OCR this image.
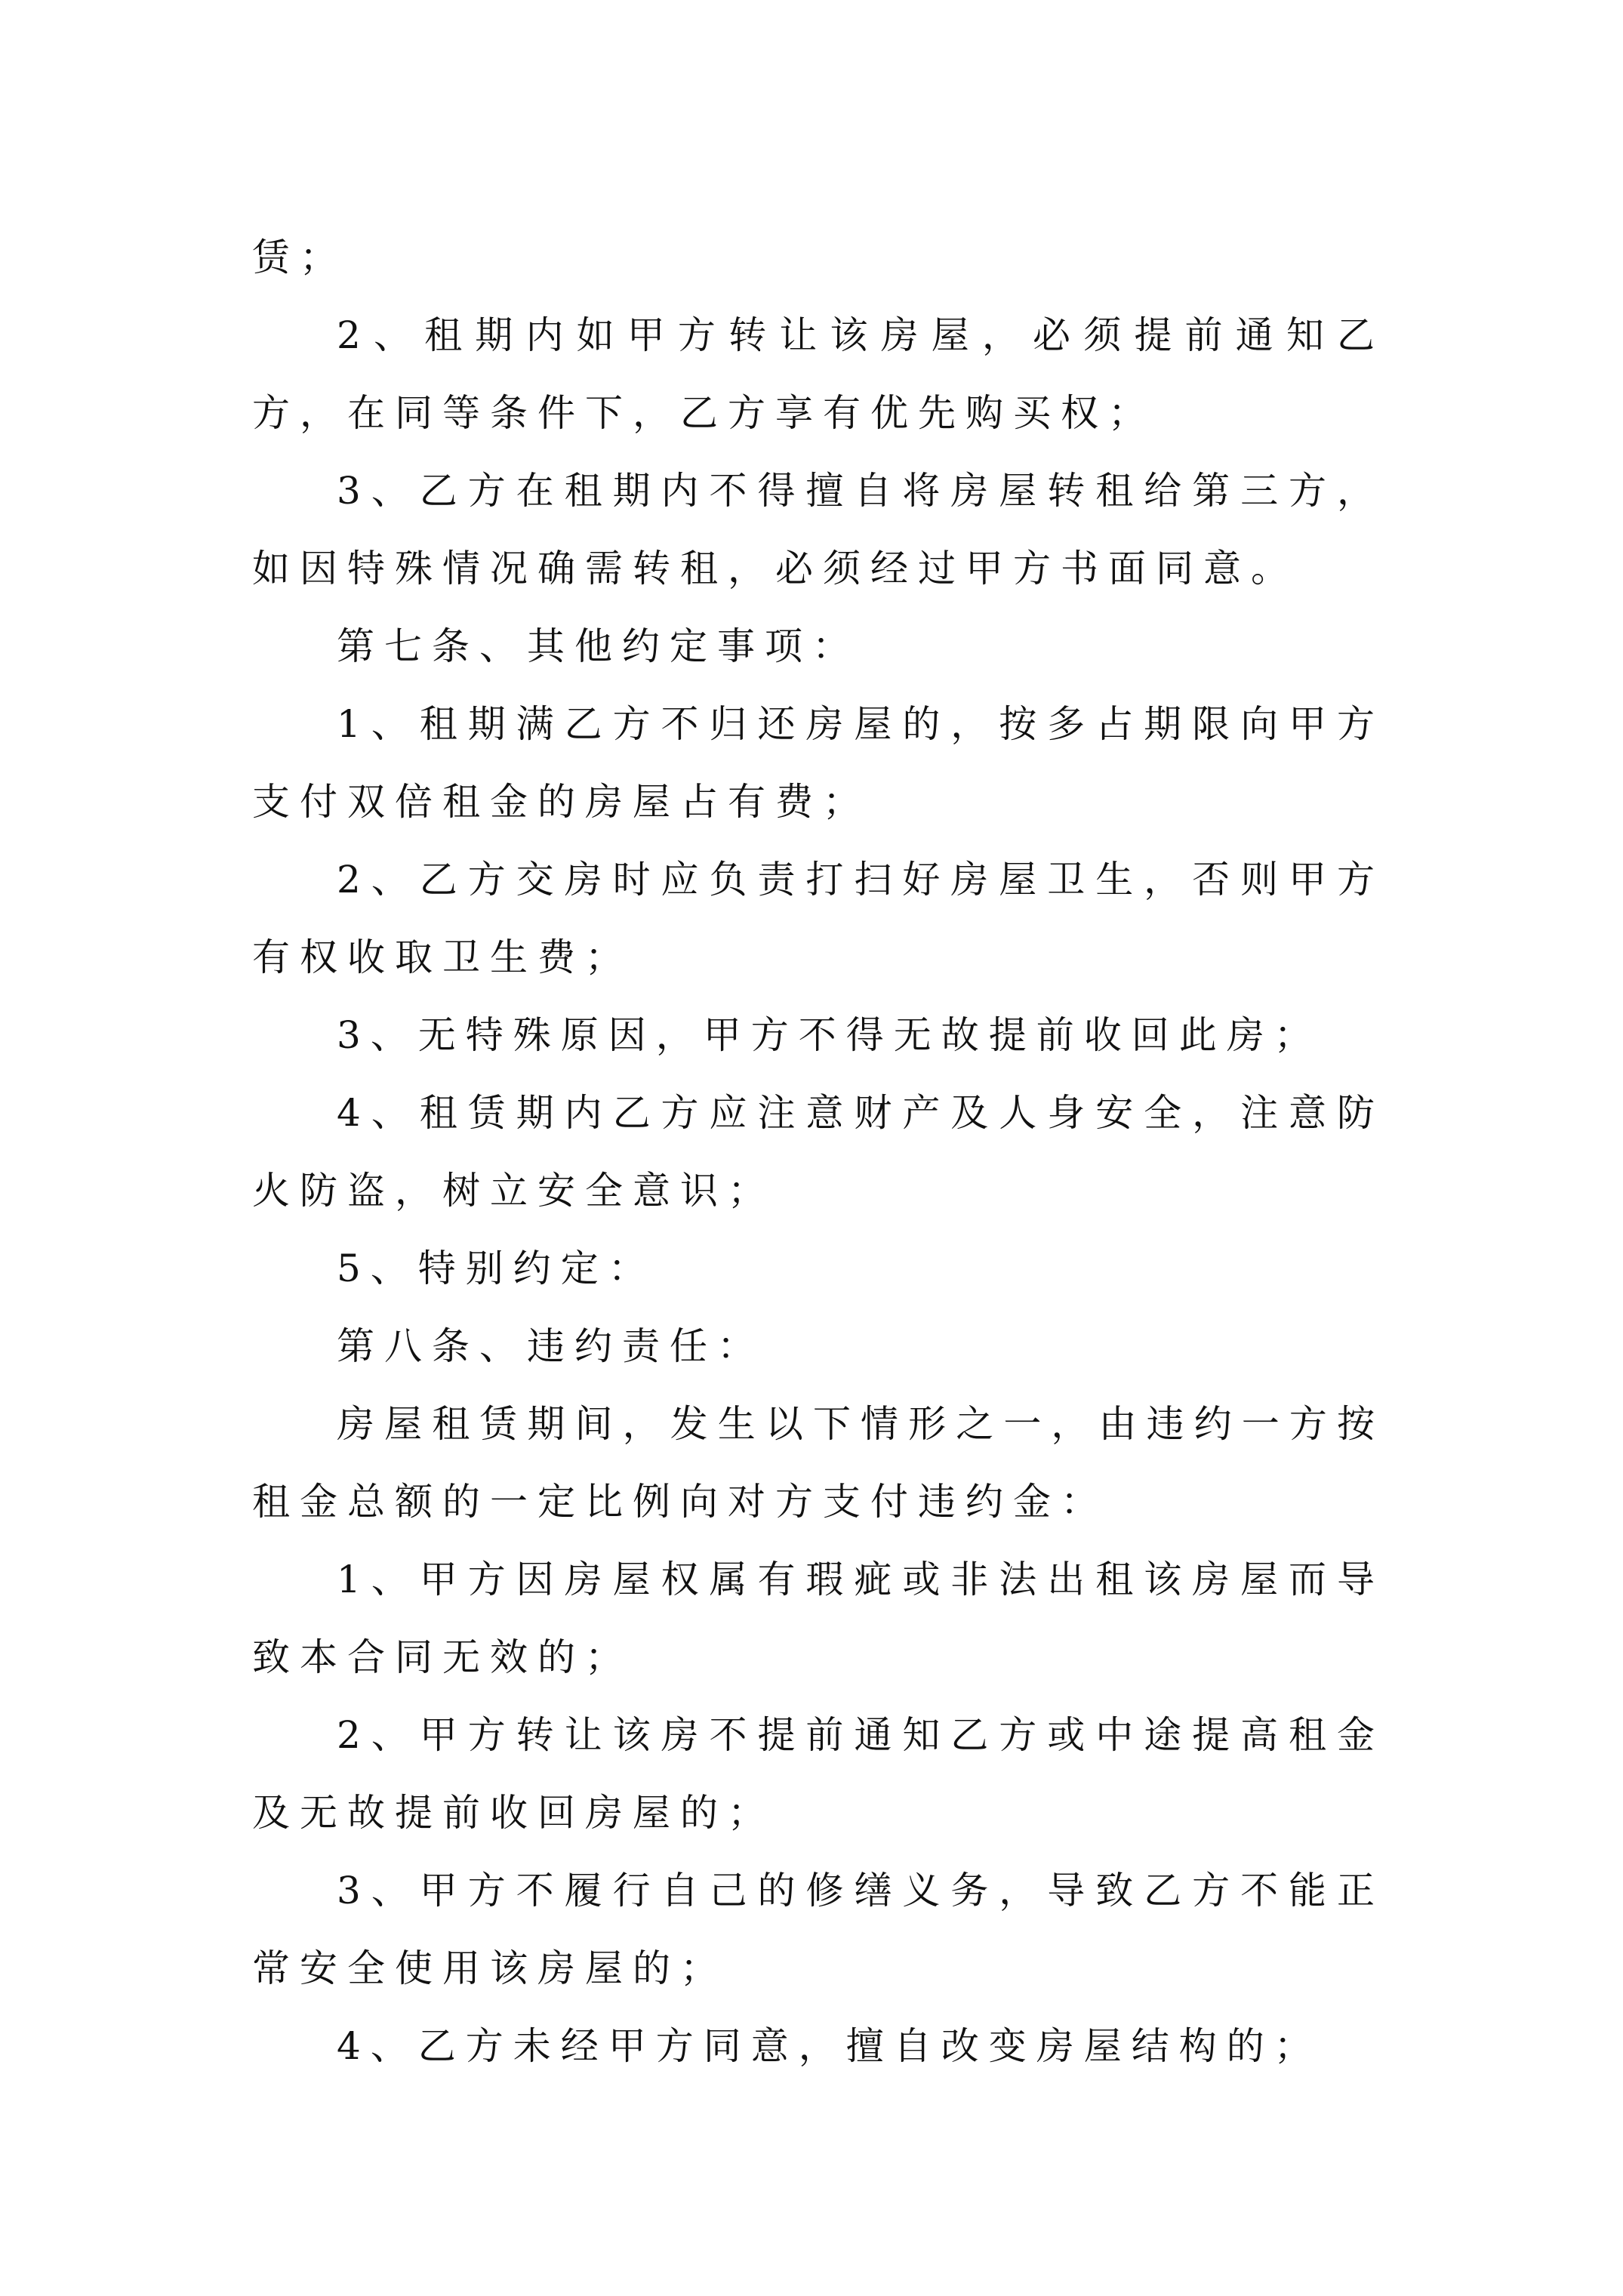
赁；

2、租期内如甲方转让该房屋，必须提前通知乙方，在同等条件下，乙方享有优先购买权；

3、乙方在租期内不得擅自将房屋转租给第三方，如因特殊情况确需转租，必须经过甲方书面同意。

第七条、其他约定事项：

1、租期满乙方不归还房屋的，按多占期限向甲方支付双倍租金的房屋占有费；

2、乙方交房时应负责打扫好房屋卫生，否则甲方有权收取卫生费；

3、无特殊原因，甲方不得无故提前收回此房；

4、租赁期内乙方应注意财产及人身安全，注意防火防盗，树立安全意识；

5、特别约定：

第八条、违约责任：

房屋租赁期间，发生以下情形之一，由违约一方按租金总额的一定比例向对方支付违约金：

1、甲方因房屋权属有瑕疵或非法出租该房屋而导致本合同无效的；

2、甲方转让该房不提前通知乙方或中途提高租金及无故提前收回房屋的；

3、甲方不履行自己的修缮义务，导致乙方不能正常安全使用该房屋的；

4、乙方未经甲方同意，擅自改变房屋结构的；
